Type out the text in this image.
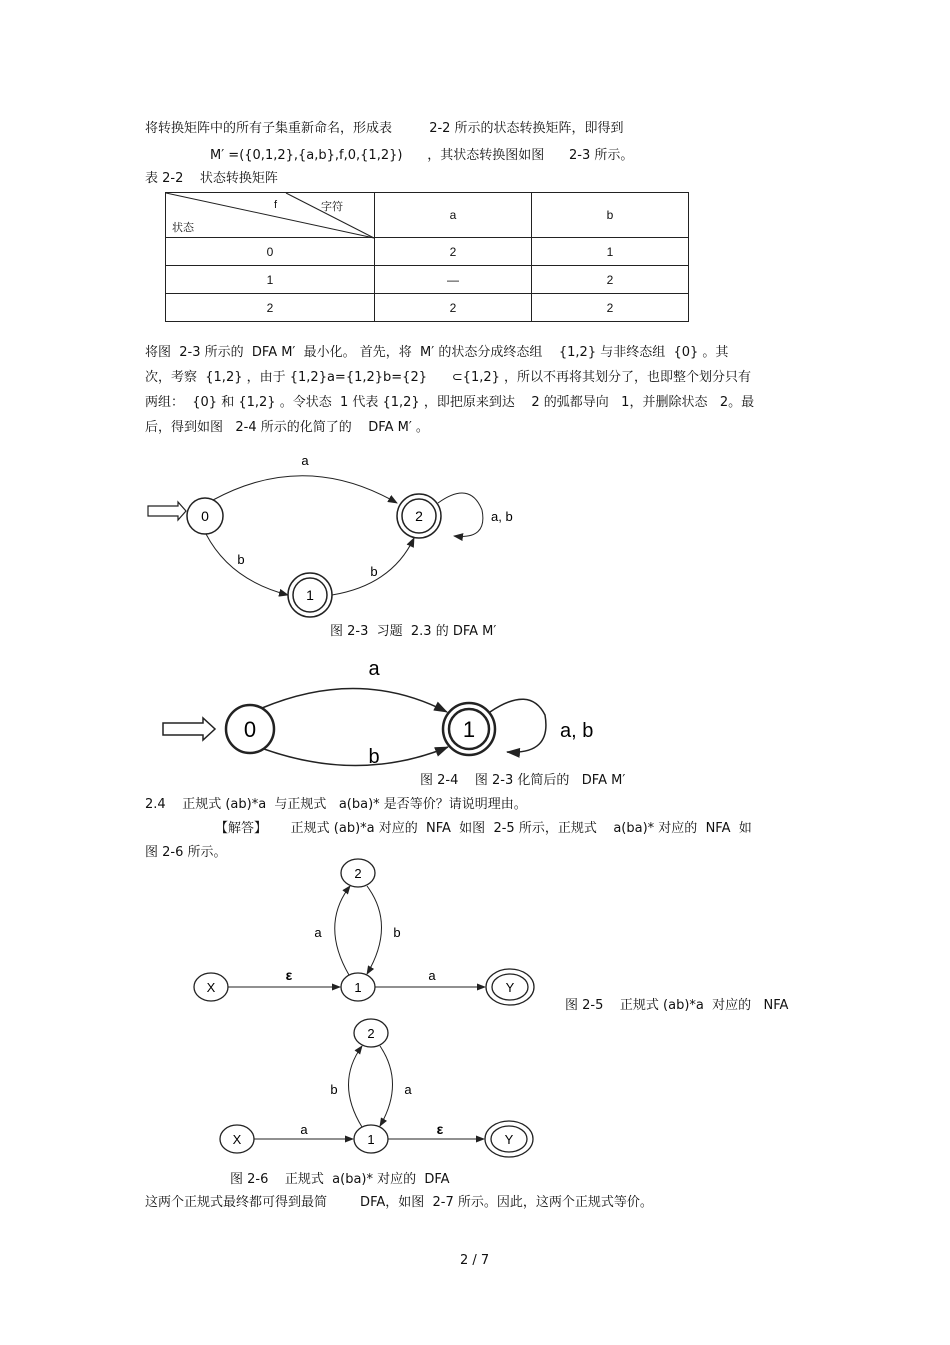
将转换矩阵中的所有子集重新命名，形成表         2-2 所示的状态转换矩阵，即得到
M′ =({0,1,2},{a,b},f,0,{1,2})      ，其状态转换图如图      2-3 所示。
表 2-2    状态转换矩阵
f 字符
状态	a	b
0	2	1
1	—	2
2	2	2
将图  2-3 所示的  DFA M′  最小化。 首先，将  M′ 的状态分成终态组    {1,2} 与非终态组  {0} 。其
次，考察  {1,2} ，由于 {1,2}a={1,2}b={2}      ⊂{1,2} ，所以不再将其划分了，也即整个划分只有
两组：  {0} 和 {1,2} 。令状态  1 代表 {1,2} ，即把原来到达    2 的弧都导向   1，并删除状态   2。最
后，得到如图   2-4 所示的化简了的    DFA M′ 。
0
1
2
a
b
b
a, b
图 2-3  习题  2.3 的 DFA M′
0	1
a
b
a, b
图 2-4    图 2-3 化简后的   DFA M′
2.4    正规式 (ab)*a  与正规式   a(ba)* 是否等价？请说明理由。
【解答】 正规式 (ab)*a 对应的  NFA  如图  2-5 所示，正规式    a(ba)* 对应的  NFA  如
图 2-6 所示。
X	1
2
Y
ε
a	b
a
图 2-5    正规式 (ab)*a  对应的   NFA
X	1
2
Y
a
b	a
ε
图 2-6    正规式  a(ba)* 对应的  DFA
这两个正规式最终都可得到最简        DFA，如图  2-7 所示。因此，这两个正规式等价。
2 / 7
